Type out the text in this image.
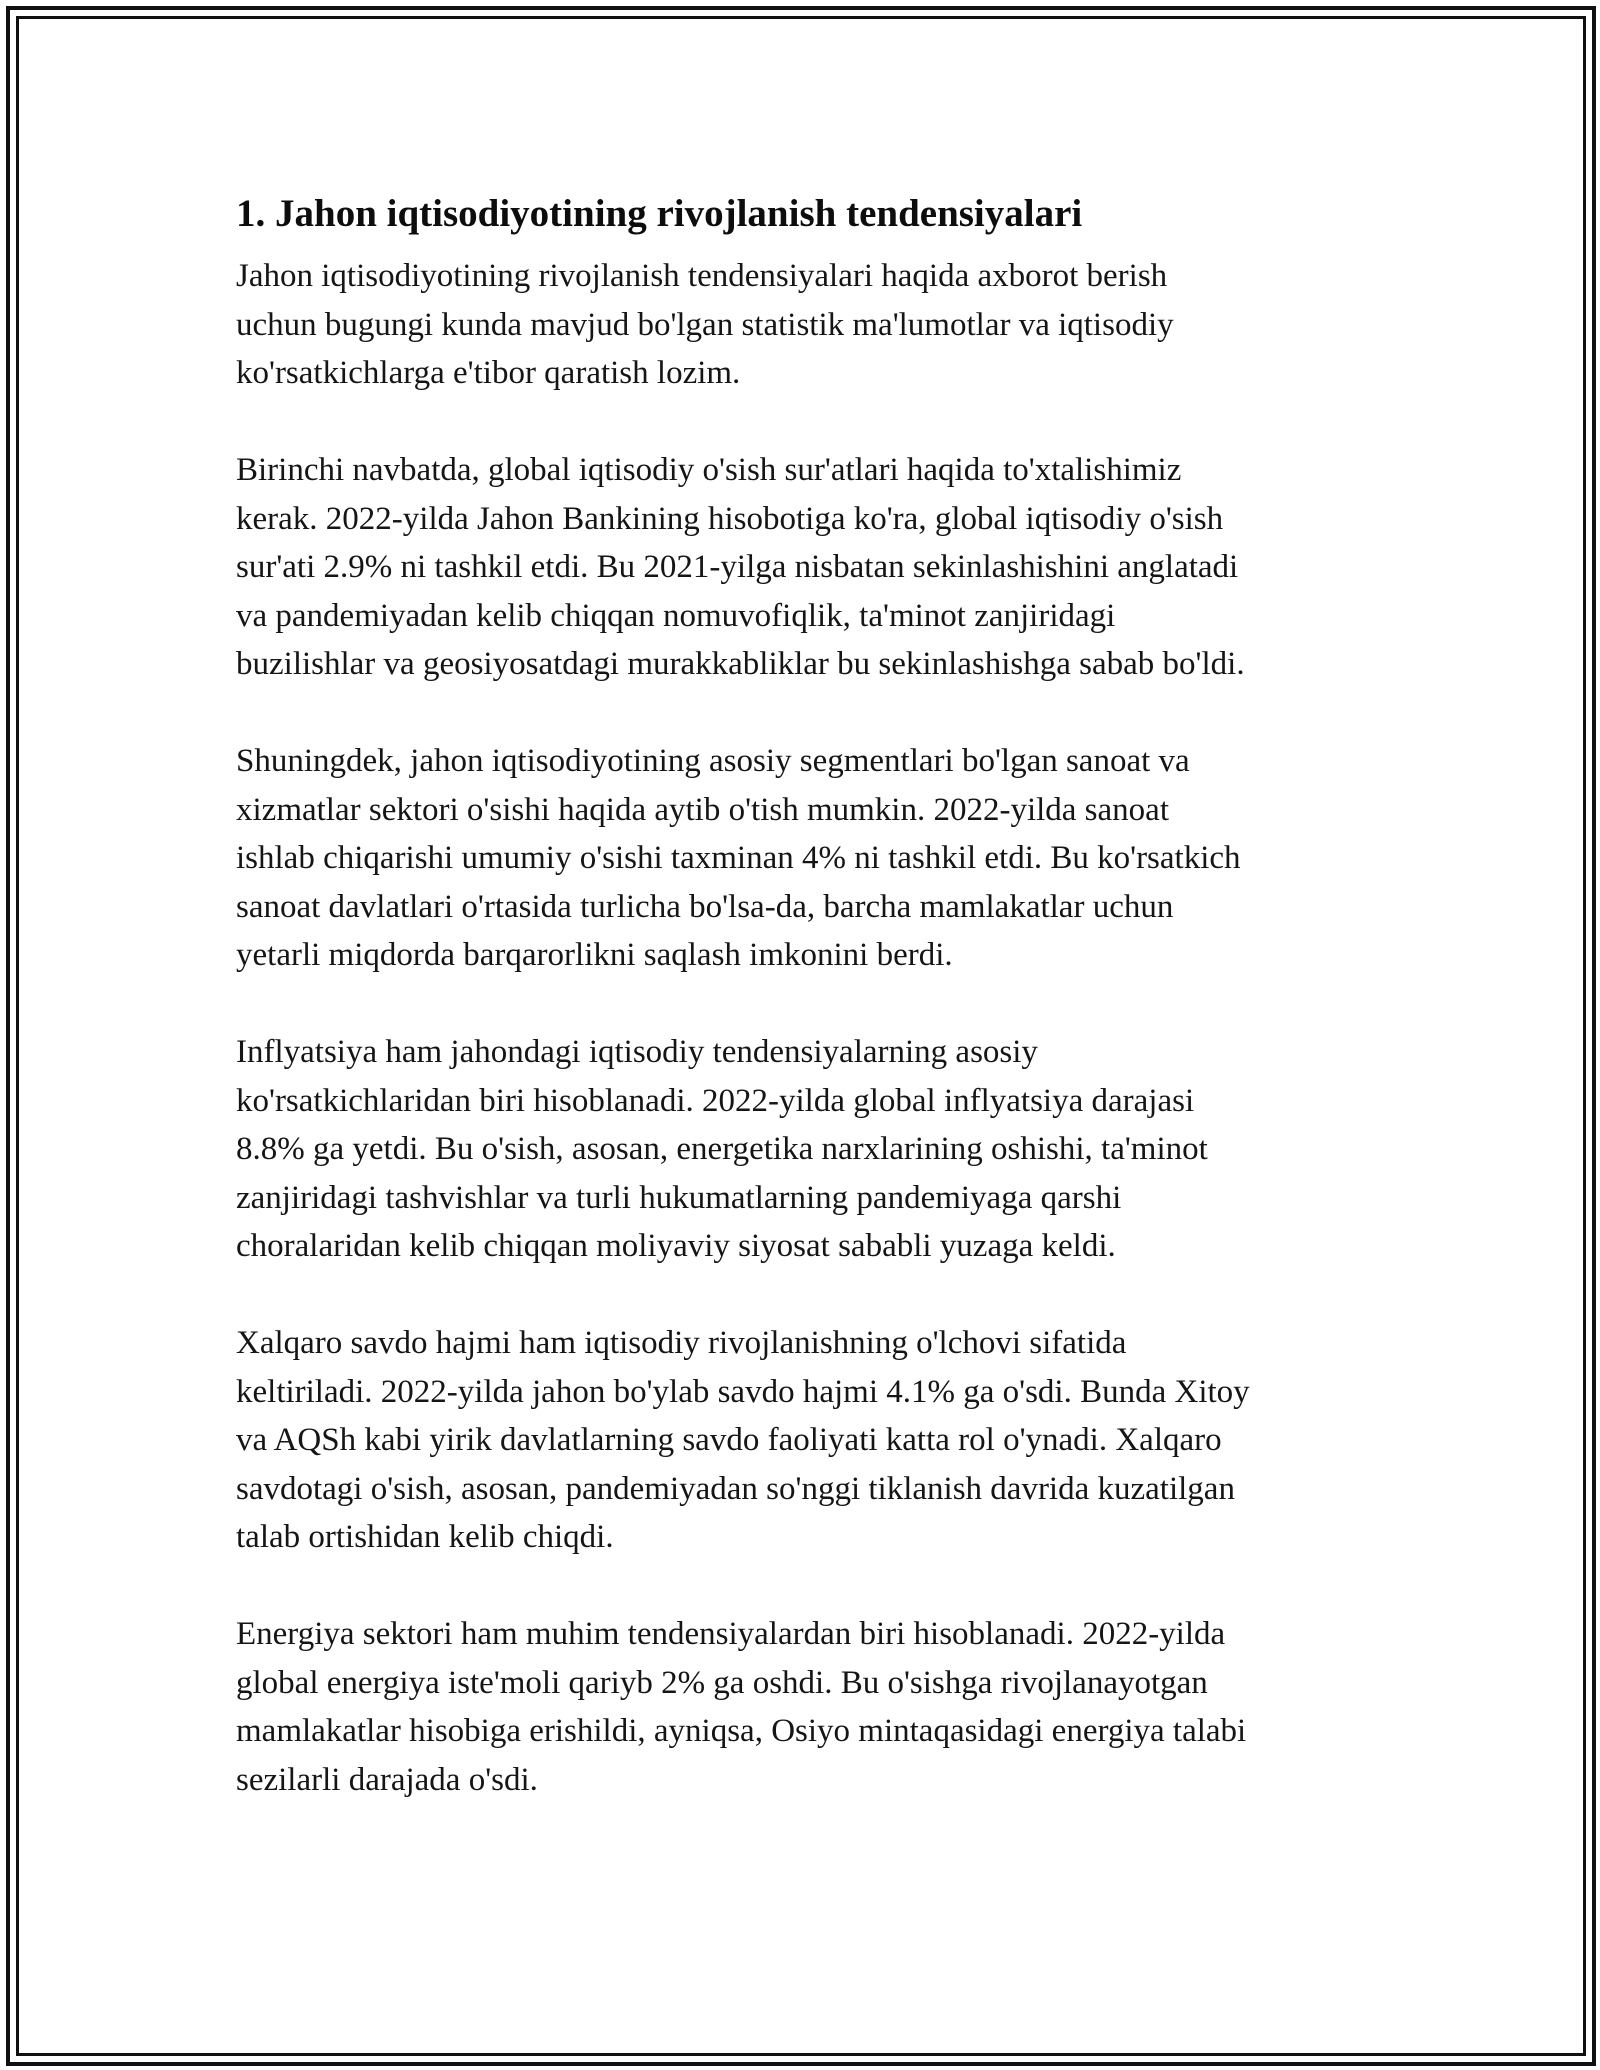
1. Jahon iqtisodiyotining rivojlanish tendensiyalari
Jahon iqtisodiyotining rivojlanish tendensiyalari haqida axborot berish
uchun bugungi kunda mavjud bo'lgan statistik ma'lumotlar va iqtisodiy
ko'rsatkichlarga e'tibor qaratish lozim.
Birinchi navbatda, global iqtisodiy o'sish sur'atlari haqida to'xtalishimiz
kerak. 2022-yilda Jahon Bankining hisobotiga ko'ra, global iqtisodiy o'sish
sur'ati 2.9% ni tashkil etdi. Bu 2021-yilga nisbatan sekinlashishini anglatadi
va pandemiyadan kelib chiqqan nomuvofiqlik, ta'minot zanjiridagi
buzilishlar va geosiyosatdagi murakkabliklar bu sekinlashishga sabab bo'ldi.
Shuningdek, jahon iqtisodiyotining asosiy segmentlari bo'lgan sanoat va
xizmatlar sektori o'sishi haqida aytib o'tish mumkin. 2022-yilda sanoat
ishlab chiqarishi umumiy o'sishi taxminan 4% ni tashkil etdi. Bu ko'rsatkich
sanoat davlatlari o'rtasida turlicha bo'lsa-da, barcha mamlakatlar uchun
yetarli miqdorda barqarorlikni saqlash imkonini berdi.
Inflyatsiya ham jahondagi iqtisodiy tendensiyalarning asosiy
ko'rsatkichlaridan biri hisoblanadi. 2022-yilda global inflyatsiya darajasi
8.8% ga yetdi. Bu o'sish, asosan, energetika narxlarining oshishi, ta'minot
zanjiridagi tashvishlar va turli hukumatlarning pandemiyaga qarshi
choralaridan kelib chiqqan moliyaviy siyosat sababli yuzaga keldi.
Xalqaro savdo hajmi ham iqtisodiy rivojlanishning o'lchovi sifatida
keltiriladi. 2022-yilda jahon bo'ylab savdo hajmi 4.1% ga o'sdi. Bunda Xitoy
va AQSh kabi yirik davlatlarning savdo faoliyati katta rol o'ynadi. Xalqaro
savdotagi o'sish, asosan, pandemiyadan so'nggi tiklanish davrida kuzatilgan
talab ortishidan kelib chiqdi.
Energiya sektori ham muhim tendensiyalardan biri hisoblanadi. 2022-yilda
global energiya iste'moli qariyb 2% ga oshdi. Bu o'sishga rivojlanayotgan
mamlakatlar hisobiga erishildi, ayniqsa, Osiyo mintaqasidagi energiya talabi
sezilarli darajada o'sdi.
